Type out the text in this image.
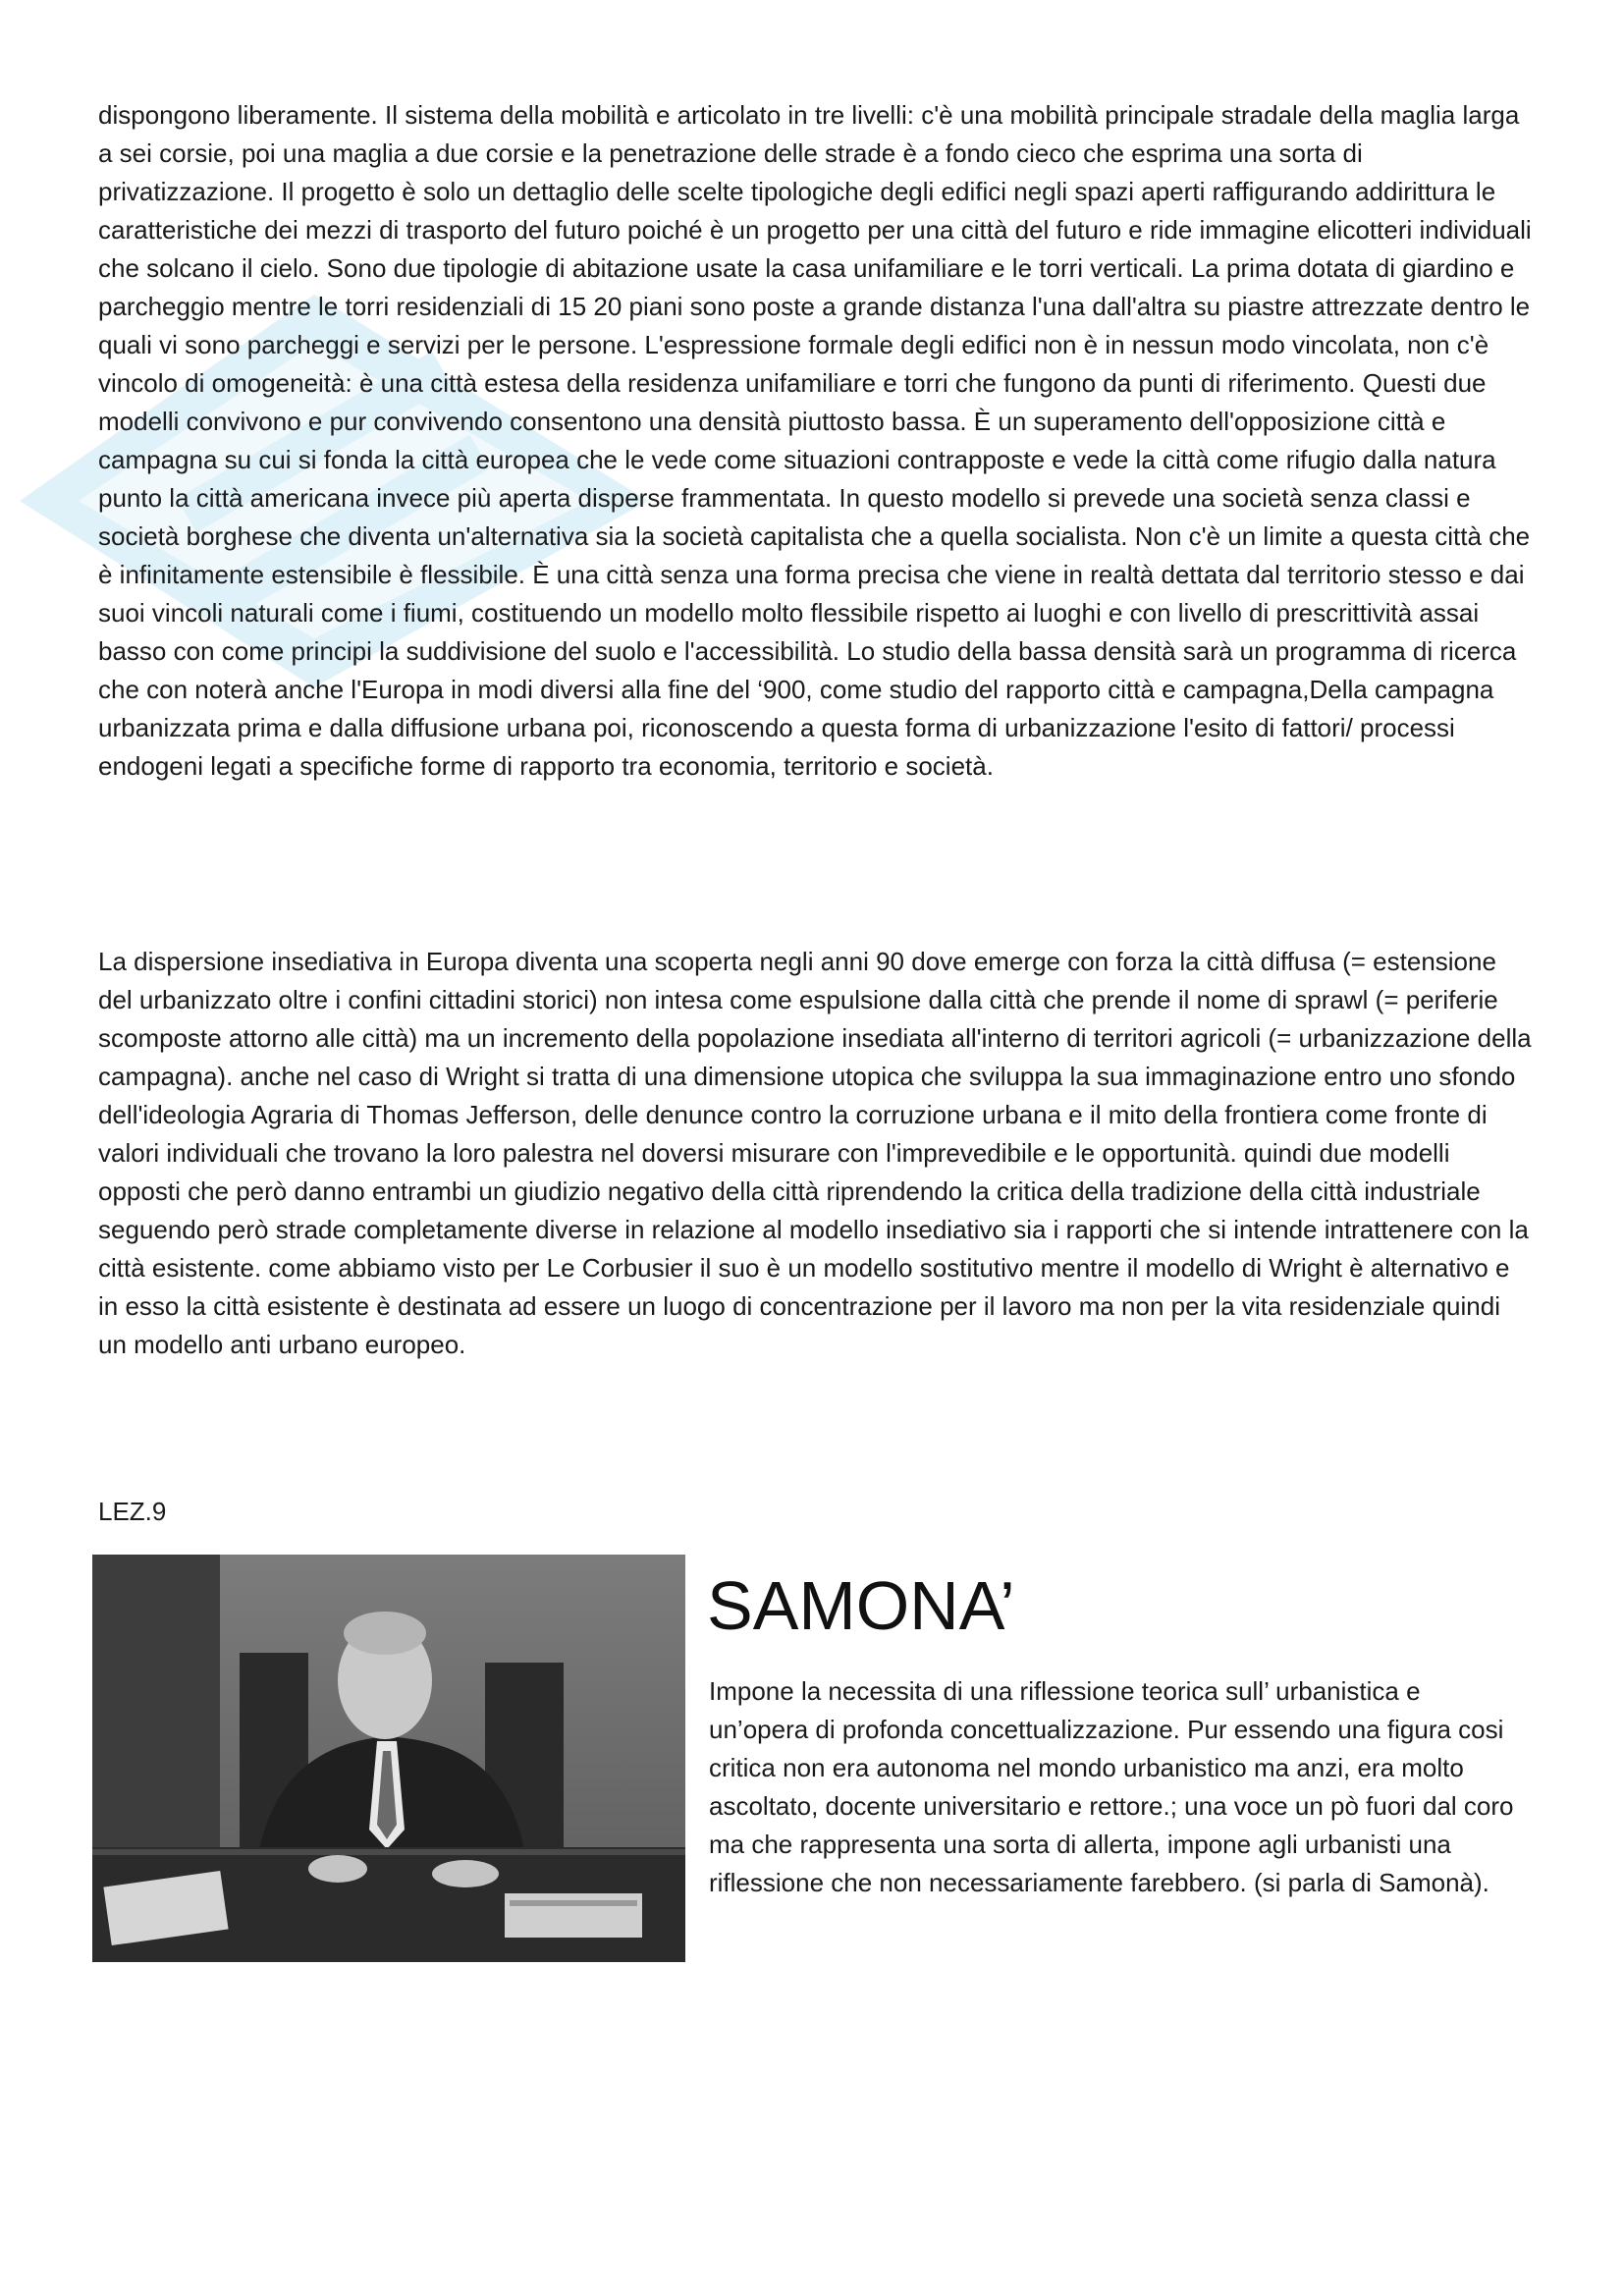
dispongono liberamente. Il sistema della mobilità e articolato in tre livelli: c'è una mobilità principale stradale della maglia larga a sei corsie, poi una maglia a due corsie e la penetrazione delle strade è a fondo cieco che esprima una sorta di privatizzazione. Il progetto è solo un dettaglio delle scelte tipologiche degli edifici negli spazi aperti raffigurando addirittura le caratteristiche dei mezzi di trasporto del futuro poiché è un progetto per una città del futuro e ride immagine elicotteri individuali che solcano il cielo. Sono due tipologie di abitazione usate la casa unifamiliare e le torri verticali. La prima dotata di giardino e parcheggio mentre le torri residenziali di 15 20 piani sono poste a grande distanza l'una dall'altra su piastre attrezzate dentro le quali vi sono parcheggi e servizi per le persone. L'espressione formale degli edifici non è in nessun modo vincolata, non c'è vincolo di omogeneità: è una città estesa della residenza unifamiliare e torri che fungono da punti di riferimento. Questi due modelli convivono e pur convivendo consentono una densità piuttosto bassa. È un superamento dell'opposizione città e campagna su cui si fonda la città europea che le vede come situazioni contrapposte e vede la città come rifugio dalla natura punto la città americana invece più aperta disperse frammentata. In questo modello si prevede una società senza classi e società borghese che diventa un'alternativa sia la società capitalista che a quella socialista. Non c'è un limite a questa città che è infinitamente estensibile è flessibile. È una città senza una forma precisa che viene in realtà dettata dal territorio stesso e dai suoi vincoli naturali come i fiumi, costituendo un modello molto flessibile rispetto ai luoghi e con livello di prescrittività assai basso con come principi la suddivisione del suolo e l'accessibilità. Lo studio della bassa densità sarà un programma di ricerca che con noterà anche l'Europa in modi diversi alla fine del ‘900, come studio del rapporto città e campagna,Della campagna urbanizzata prima e dalla diffusione urbana poi, riconoscendo a questa forma di urbanizzazione l'esito di fattori/ processi endogeni legati a specifiche forme di rapporto tra economia, territorio e società.

La dispersione insediativa in Europa diventa una scoperta negli anni 90 dove emerge con forza la città diffusa (= estensione del urbanizzato oltre i confini cittadini storici) non intesa come espulsione dalla città che prende il nome di sprawl (= periferie scomposte attorno alle città) ma un incremento della popolazione insediata all'interno di territori agricoli (= urbanizzazione della campagna). anche nel caso di Wright si tratta di una dimensione utopica che sviluppa la sua immaginazione entro uno sfondo dell'ideologia Agraria di Thomas Jefferson, delle denunce contro la corruzione urbana e il mito della frontiera come fronte di valori individuali che trovano la loro palestra nel doversi misurare con l'imprevedibile e le opportunità. quindi due modelli opposti che però danno entrambi un giudizio negativo della città riprendendo la critica della tradizione della città industriale seguendo però strade completamente diverse in relazione al modello insediativo sia i rapporti che si intende intrattenere con la città esistente. come abbiamo visto per Le Corbusier il suo è un modello sostitutivo mentre il modello di Wright è alternativo e in esso la città esistente è destinata ad essere un luogo di concentrazione per il lavoro ma non per la vita residenziale quindi un modello anti urbano europeo.

LEZ.9
SAMONA’

Impone la necessita di una riflessione teorica sull’ urbanistica e un’opera di profonda concettualizzazione. Pur essendo una figura cosi critica non era autonoma nel mondo urbanistico ma anzi, era molto ascoltato, docente universitario e rettore.; una voce un pò fuori dal coro ma che rappresenta una sorta di allerta, impone agli urbanisti una riflessione che non necessariamente farebbero. (si parla di Samonà).
